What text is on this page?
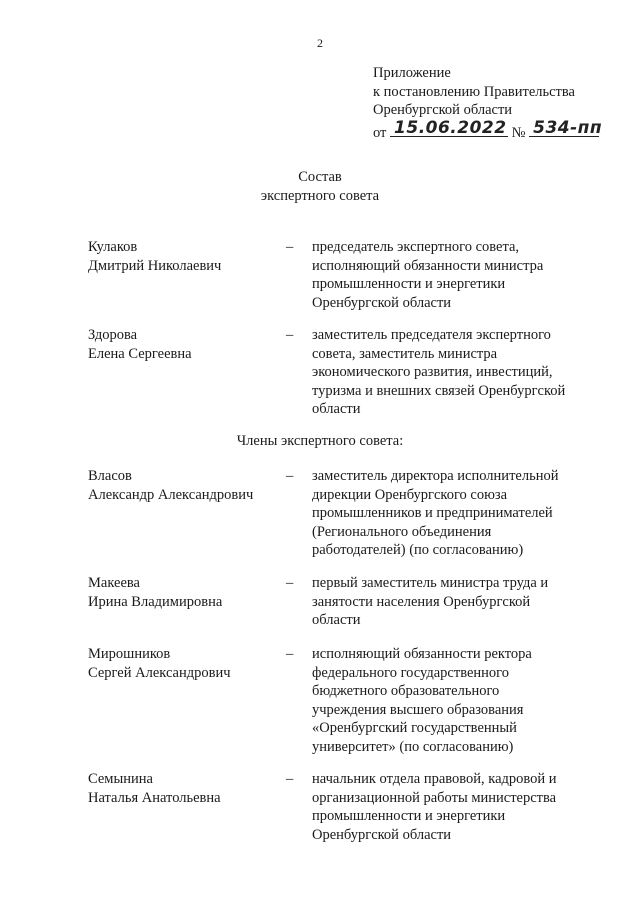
2
Приложение
к постановлению Правительства
Оренбургской области
от 15.06.2022 № 534-пп
Состав
экспертного совета
Кулаков
Дмитрий Николаевич
– председатель экспертного совета,
исполняющий обязанности министра
промышленности и энергетики
Оренбургской области
Здорова
Елена Сергеевна
– заместитель председателя экспертного
совета, заместитель министра
экономического развития, инвестиций,
туризма и внешних связей Оренбургской
области
Члены экспертного совета:
Власов
Александр Александрович
– заместитель директора исполнительной
дирекции Оренбургского союза
промышленников и предпринимателей
(Регионального объединения
работодателей) (по согласованию)
Макеева
Ирина Владимировна
– первый заместитель министра труда и
занятости населения Оренбургской
области
Мирошников
Сергей Александрович
– исполняющий обязанности ректора
федерального государственного
бюджетного образовательного
учреждения высшего образования
«Оренбургский государственный
университет» (по согласованию)
Семынина
Наталья Анатольевна
– начальник отдела правовой, кадровой и
организационной работы министерства
промышленности и энергетики
Оренбургской области
